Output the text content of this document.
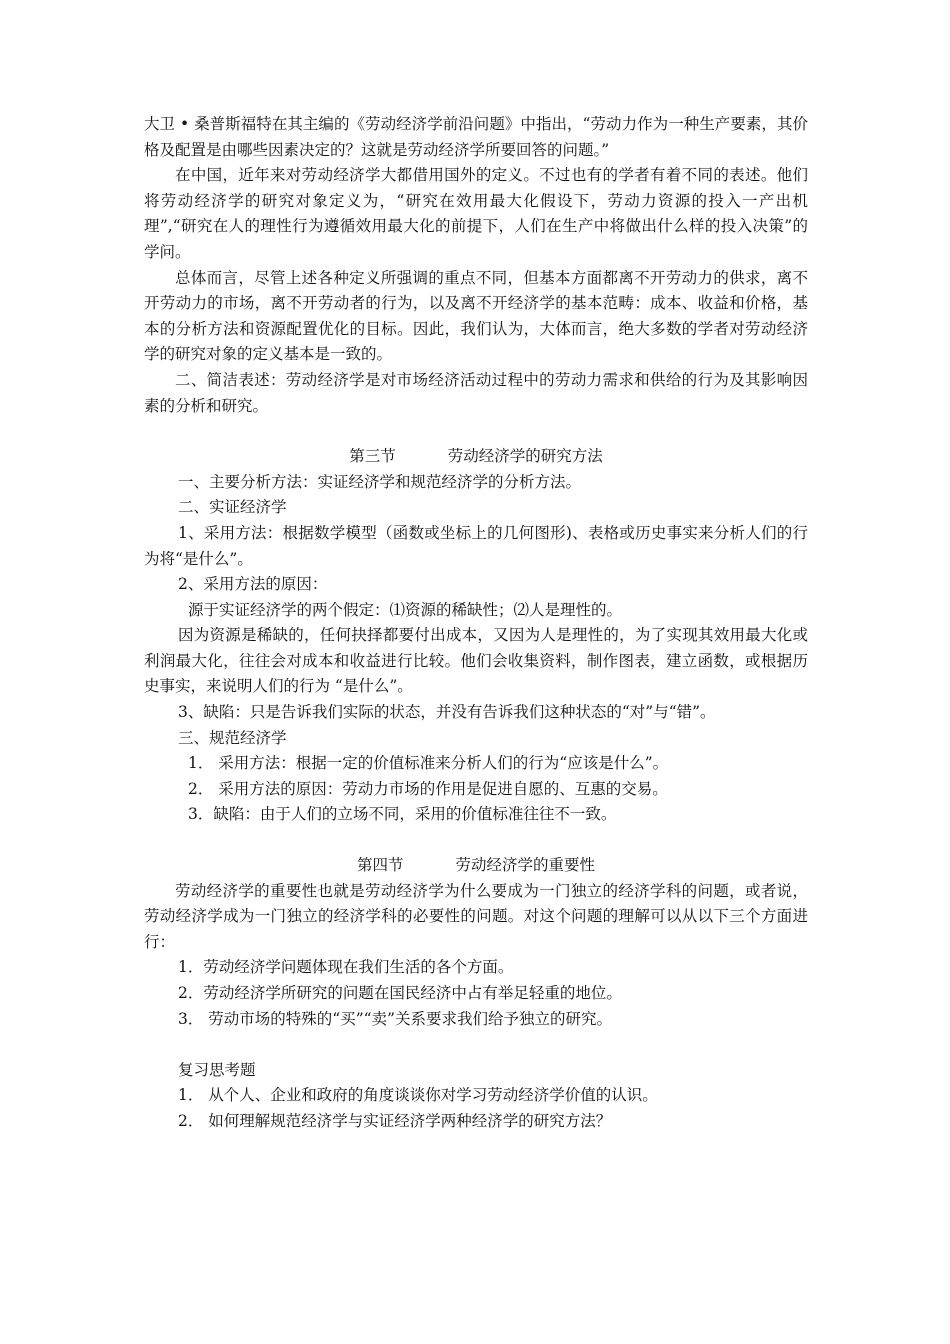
大卫 • 桑普斯福特在其主编的《劳动经济学前沿问题》中指出，“劳动力作为一种生产要素，其价格及配置是由哪些因素决定的？这就是劳动经济学所要回答的问题。”

在中国，近年来对劳动经济学大都借用国外的定义。不过也有的学者有着不同的表述。他们将劳动经济学的研究对象定义为，“研究在效用最大化假设下，劳动力资源的投入一产出机理”,“研究在人的理性行为遵循效用最大化的前提下，人们在生产中将做出什么样的投入决策”的学问。

总体而言，尽管上述各种定义所强调的重点不同，但基本方面都离不开劳动力的供求，离不开劳动力的市场，离不开劳动者的行为，以及离不开经济学的基本范畴：成本、收益和价格，基本的分析方法和资源配置优化的目标。因此，我们认为，大体而言，绝大多数的学者对劳动经济学的研究对象的定义基本是一致的。

二、简洁表述：劳动经济学是对市场经济活动过程中的劳动力需求和供给的行为及其影响因素的分析和研究。

第三节	劳动经济学的研究方法

一、主要分析方法：实证经济学和规范经济学的分析方法。

二、实证经济学

1、采用方法：根据数学模型（函数或坐标上的几何图形)、表格或历史事实来分析人们的行为将“是什么”。

2、采用方法的原因：

源于实证经济学的两个假定：⑴资源的稀缺性；⑵人是理性的。

因为资源是稀缺的，任何抉择都要付出成本，又因为人是理性的，为了实现其效用最大化或利润最大化，往往会对成本和收益进行比较。他们会收集资料，制作图表，建立函数，或根据历史事实，来说明人们的行为 “是什么”。

3、缺陷：只是告诉我们实际的状态，并没有告诉我们这种状态的“对”与“错”。

三、规范经济学

1． 采用方法：根据一定的价值标准来分析人们的行为“应该是什么”。

2． 采用方法的原因：劳动力市场的作用是促进自愿的、互惠的交易。

3．缺陷：由于人们的立场不同，采用的价值标准往往不一致。

第四节	劳动经济学的重要性

劳动经济学的重要性也就是劳动经济学为什么要成为一门独立的经济学科的问题，或者说，劳动经济学成为一门独立的经济学科的必要性的问题。对这个问题的理解可以从以下三个方面进行：

1．劳动经济学问题体现在我们生活的各个方面。

2．劳动经济学所研究的问题在国民经济中占有举足轻重的地位。

3． 劳动市场的特殊的“买”“卖”关系要求我们给予独立的研究。

复习思考题

1． 从个人、企业和政府的角度谈谈你对学习劳动经济学价值的认识。

2． 如何理解规范经济学与实证经济学两种经济学的研究方法？
